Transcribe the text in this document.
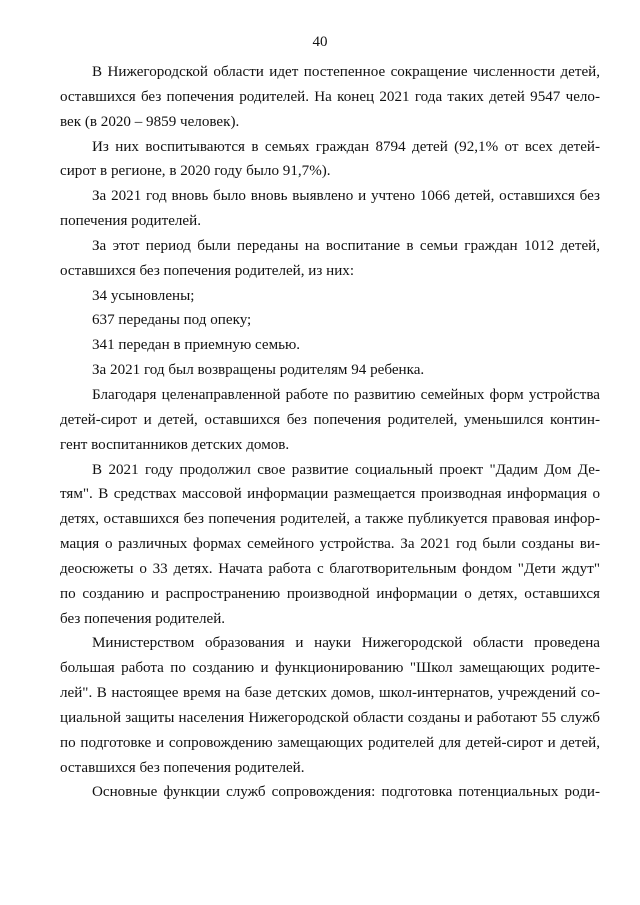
40
В Нижегородской области идет постепенное сокращение численности детей,
оставшихся без попечения родителей. На конец 2021 года таких детей 9547 чело-
век (в 2020 – 9859 человек).
Из них воспитываются в семьях граждан 8794 детей (92,1% от всех детей-
сирот в регионе, в 2020 году было 91,7%).
За 2021 год вновь было вновь выявлено и учтено 1066 детей, оставшихся без
попечения родителей.
За этот период были переданы на воспитание в семьи граждан 1012 детей,
оставшихся без попечения родителей, из них:
34 усыновлены;
637 переданы под опеку;
341 передан в приемную семью.
За 2021 год был возвращены родителям 94 ребенка.
Благодаря целенаправленной работе по развитию семейных форм устройства
детей-сирот и детей, оставшихся без попечения родителей, уменьшился контин-
гент воспитанников детских домов.
В 2021 году продолжил свое развитие социальный проект "Дадим Дом Де-
тям". В средствах массовой информации размещается производная информация о
детях, оставшихся без попечения родителей, а также публикуется правовая инфор-
мация о различных формах семейного устройства. За 2021 год были созданы ви-
деосюжеты о 33 детях. Начата работа с благотворительным фондом "Дети ждут"
по созданию и распространению производной информации о детях, оставшихся
без попечения родителей.
Министерством образования и науки Нижегородской области проведена
большая работа по созданию и функционированию "Школ замещающих родите-
лей". В настоящее время на базе детских домов, школ-интернатов, учреждений со-
циальной защиты населения Нижегородской области созданы и работают 55 служб
по подготовке и сопровождению замещающих родителей для детей-сирот и детей,
оставшихся без попечения родителей.
Основные функции служб сопровождения: подготовка потенциальных роди-
